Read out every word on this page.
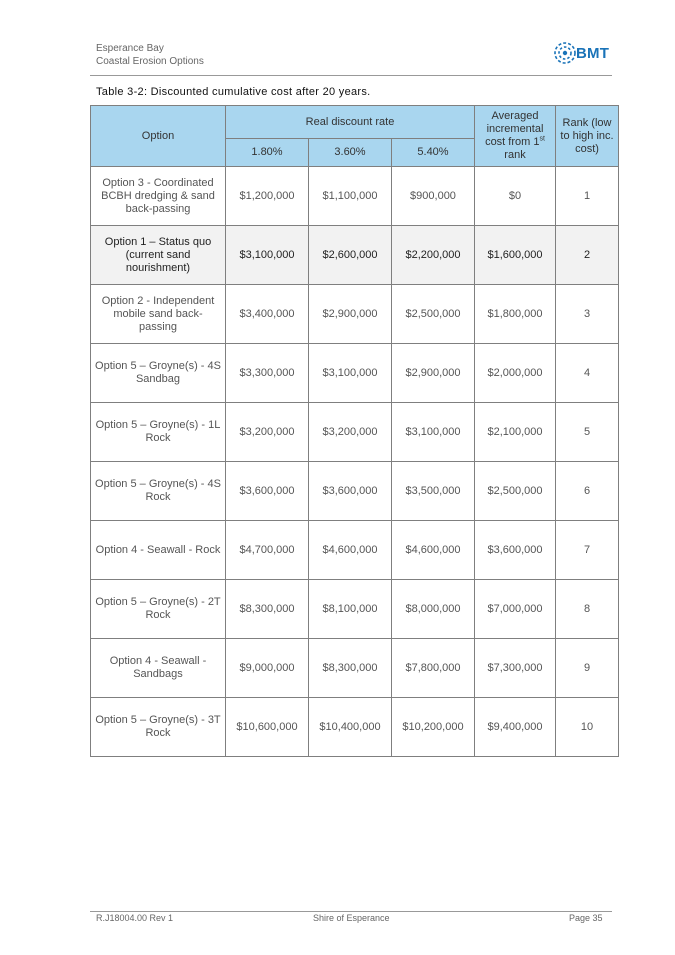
Esperance Bay
Coastal Erosion Options	BMT
Table 3-2: Discounted cumulative cost after 20 years.
Option	Real discount rate			Averaged incremental cost from 1st rank	Rank (low to high inc. cost)
	1.80%	3.60%	5.40%		
Option 3 - Coordinated BCBH dredging & sand back-passing	$1,200,000	$1,100,000	$900,000	$0	1
Option 1 – Status quo (current sand nourishment)	$3,100,000	$2,600,000	$2,200,000	$1,600,000	2
Option 2 - Independent mobile sand back-passing	$3,400,000	$2,900,000	$2,500,000	$1,800,000	3
Option 5 – Groyne(s) - 4S Sandbag	$3,300,000	$3,100,000	$2,900,000	$2,000,000	4
Option 5 – Groyne(s) - 1L Rock	$3,200,000	$3,200,000	$3,100,000	$2,100,000	5
Option 5 – Groyne(s) - 4S Rock	$3,600,000	$3,600,000	$3,500,000	$2,500,000	6
Option 4 - Seawall - Rock	$4,700,000	$4,600,000	$4,600,000	$3,600,000	7
Option 5 – Groyne(s) - 2T Rock	$8,300,000	$8,100,000	$8,000,000	$7,000,000	8
Option 4 - Seawall - Sandbags	$9,000,000	$8,300,000	$7,800,000	$7,300,000	9
Option 5 – Groyne(s) - 3T Rock	$10,600,000	$10,400,000	$10,200,000	$9,400,000	10
R.J18004.00 Rev 1	Shire of Esperance	Page 35
